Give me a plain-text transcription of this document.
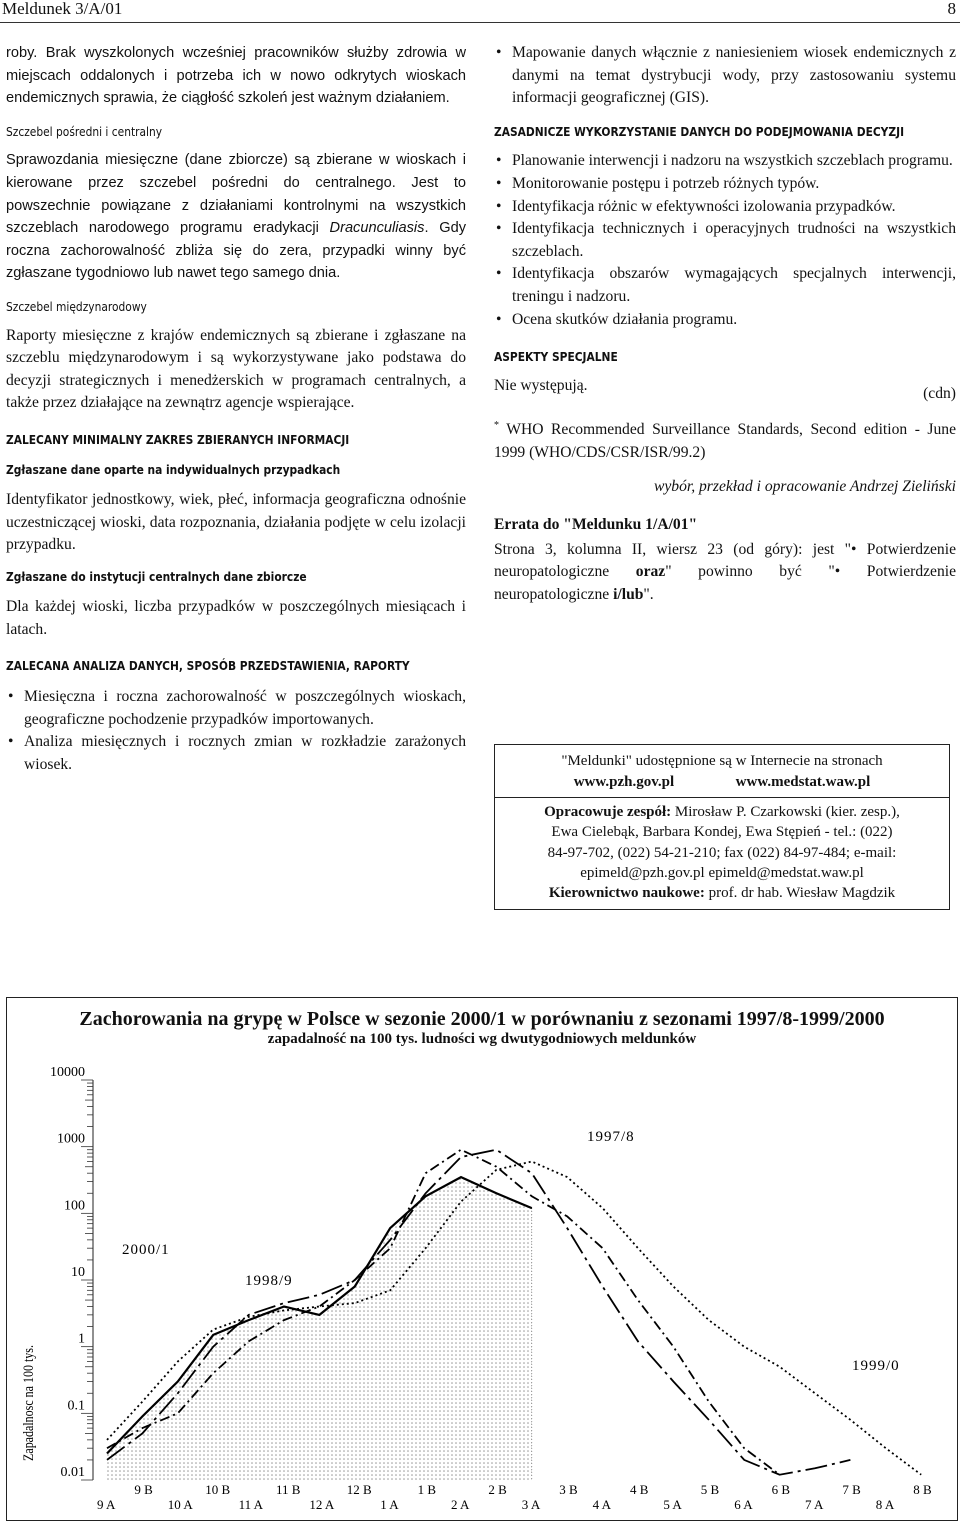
Meldunek 3/A/01	8

roby. Brak wyszkolonych wcześniej pracowników służby zdrowia w miejscach oddalonych i potrzeba ich w nowo odkrytych wioskach endemicznych sprawia, że ciągłość szkoleń jest ważnym działaniem.

Szczebel pośredni i centralny

Sprawozdania miesięczne (dane zbiorcze) są zbierane w wioskach i kierowane przez szczebel pośredni do centralnego. Jest to powszechnie powiązane z działaniami kontrolnymi na wszystkich szczeblach narodowego programu eradykacji Dracunculiasis. Gdy roczna zachorowalność zbliża się do zera, przypadki winny być zgłaszane tygodniowo lub nawet tego samego dnia.

Szczebel międzynarodowy

Raporty miesięczne z krajów endemicznych są zbierane i zgłaszane na szczeblu międzynarodowym i są wykorzystywane jako podstawa do decyzji strategicznych i menedżerskich w programach centralnych, a także przez działające na zewnątrz agencje wspierające.

ZALECANY MINIMALNY ZAKRES ZBIERANYCH INFORMACJI

Zgłaszane dane oparte na indywidualnych przypadkach

Identyfikator jednostkowy, wiek, płeć, informacja geograficzna odnośnie uczestniczącej wioski, data rozpoznania, działania podjęte w celu izolacji przypadku.

Zgłaszane do instytucji centralnych dane zbiorcze

Dla każdej wioski, liczba przypadków w poszczególnych miesiącach i latach.

ZALECANA ANALIZA DANYCH, SPOSÓB PRZEDSTAWIENIA, RAPORTY

• Miesięczna i roczna zachorowalność w poszczególnych wioskach, geograficzne pochodzenie przypadków importowanych.
• Analiza miesięcznych i rocznych zmian w rozkładzie zarażonych wiosek.
• Mapowanie danych włącznie z naniesieniem wiosek endemicznych z danymi na temat dystrybucji wody, przy zastosowaniu systemu informacji geograficznej (GIS).

ZASADNICZE WYKORZYSTANIE DANYCH DO PODEJMOWANIA DECYZJI

• Planowanie interwencji i nadzoru na wszystkich szczeblach programu.
• Monitorowanie postępu i potrzeb różnych typów.
• Identyfikacja różnic w efektywności izolowania przypadków.
• Identyfikacja technicznych i operacyjnych trudności na wszystkich szczeblach.
• Identyfikacja obszarów wymagających specjalnych interwencji, treningu i nadzoru.
• Ocena skutków działania programu.

ASPEKTY SPECJALNE

Nie występują.	(cdn)

* WHO Recommended Surveillance Standards, Second edition - June 1999 (WHO/CDS/CSR/ISR/99.2)

wybór, przekład i opracowanie Andrzej Zieliński

Errata do "Meldunku 1/A/01"

Strona 3, kolumna II, wiersz 23 (od góry): jest "• Potwierdzenie neuropatologiczne oraz" powinno być "• Potwierdzenie neuropatologiczne i/lub".

"Meldunki" udostępnione są w Internecie na stronach
www.pzh.gov.pl	www.medstat.waw.pl
Opracowuje zespół: Mirosław P. Czarkowski (kier. zesp.),
Ewa Cielebąk, Barbara Kondej, Ewa Stępień - tel.: (022)
84-97-702, (022) 54-21-210; fax (022) 84-97-484; e-mail:
epimeld@pzh.gov.pl epimeld@medstat.waw.pl
Kierownictwo naukowe: prof. dr hab. Wiesław Magdzik
Zachorowania na grypę w Polsce w sezonie 2000/1 w porównaniu z sezonami 1997/8-1999/2000
zapadalność na 100 tys. ludności wg dwutygodniowych meldunków
10000
1000
100
10
1
0.1
0.01
Zapadalnosc na 100 tys.
9 A	10 A	11 A	12 A	1 A	2 A	3 A	4 A	5 A	6 A	7 A	8 A
9 B	10 B	11 B	12 B	1 B	2 B	3 B	4 B	5 B	6 B	7 B	8 B
2000/1
1998/9
1997/8
1999/0
